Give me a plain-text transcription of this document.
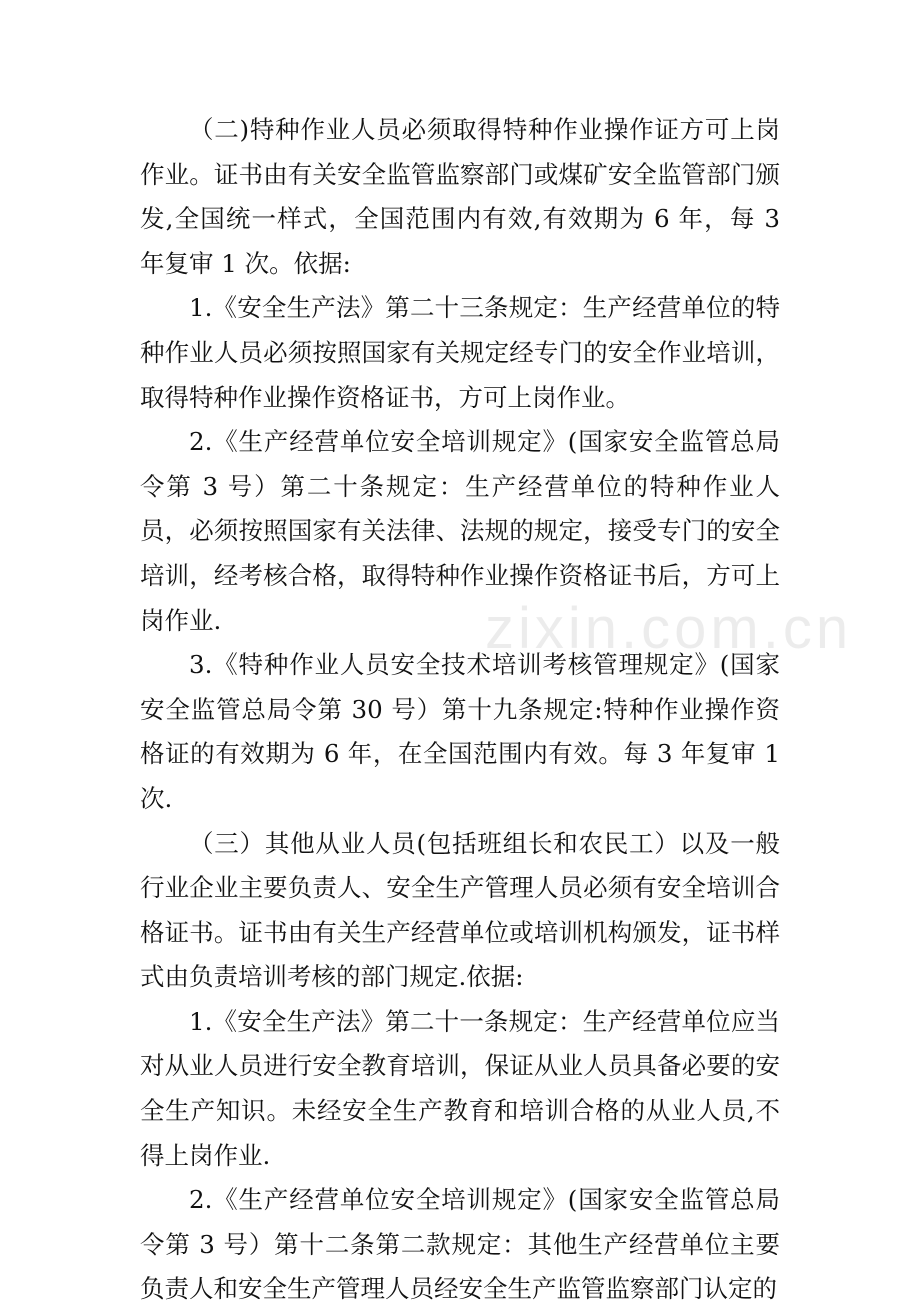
（二)特种作业人员必须取得特种作业操作证方可上岗作业。证书由有关安全监管监察部门或煤矿安全监管部门颁发,全国统一样式，全国范围内有效,有效期为 6 年，每 3 年复审 1 次。依据:

1.《安全生产法》第二十三条规定：生产经营单位的特种作业人员必须按照国家有关规定经专门的安全作业培训，取得特种作业操作资格证书，方可上岗作业。

2.《生产经营单位安全培训规定》(国家安全监管总局令第 3 号）第二十条规定：生产经营单位的特种作业人员，必须按照国家有关法律、法规的规定，接受专门的安全培训，经考核合格，取得特种作业操作资格证书后，方可上岗作业.

3.《特种作业人员安全技术培训考核管理规定》(国家安全监管总局令第 30 号）第十九条规定:特种作业操作资格证的有效期为 6 年，在全国范围内有效。每 3 年复审 1 次.

（三）其他从业人员(包括班组长和农民工）以及一般行业企业主要负责人、安全生产管理人员必须有安全培训合格证书。证书由有关生产经营单位或培训机构颁发，证书样式由负责培训考核的部门规定.依据:

1.《安全生产法》第二十一条规定：生产经营单位应当对从业人员进行安全教育培训，保证从业人员具备必要的安全生产知识。未经安全生产教育和培训合格的从业人员,不得上岗作业.

2.《生产经营单位安全培训规定》(国家安全监管总局令第 3 号）第十二条第二款规定：其他生产经营单位主要负责人和安全生产管理人员经安全生产监管监察部门认定的

zixin.com.cn
